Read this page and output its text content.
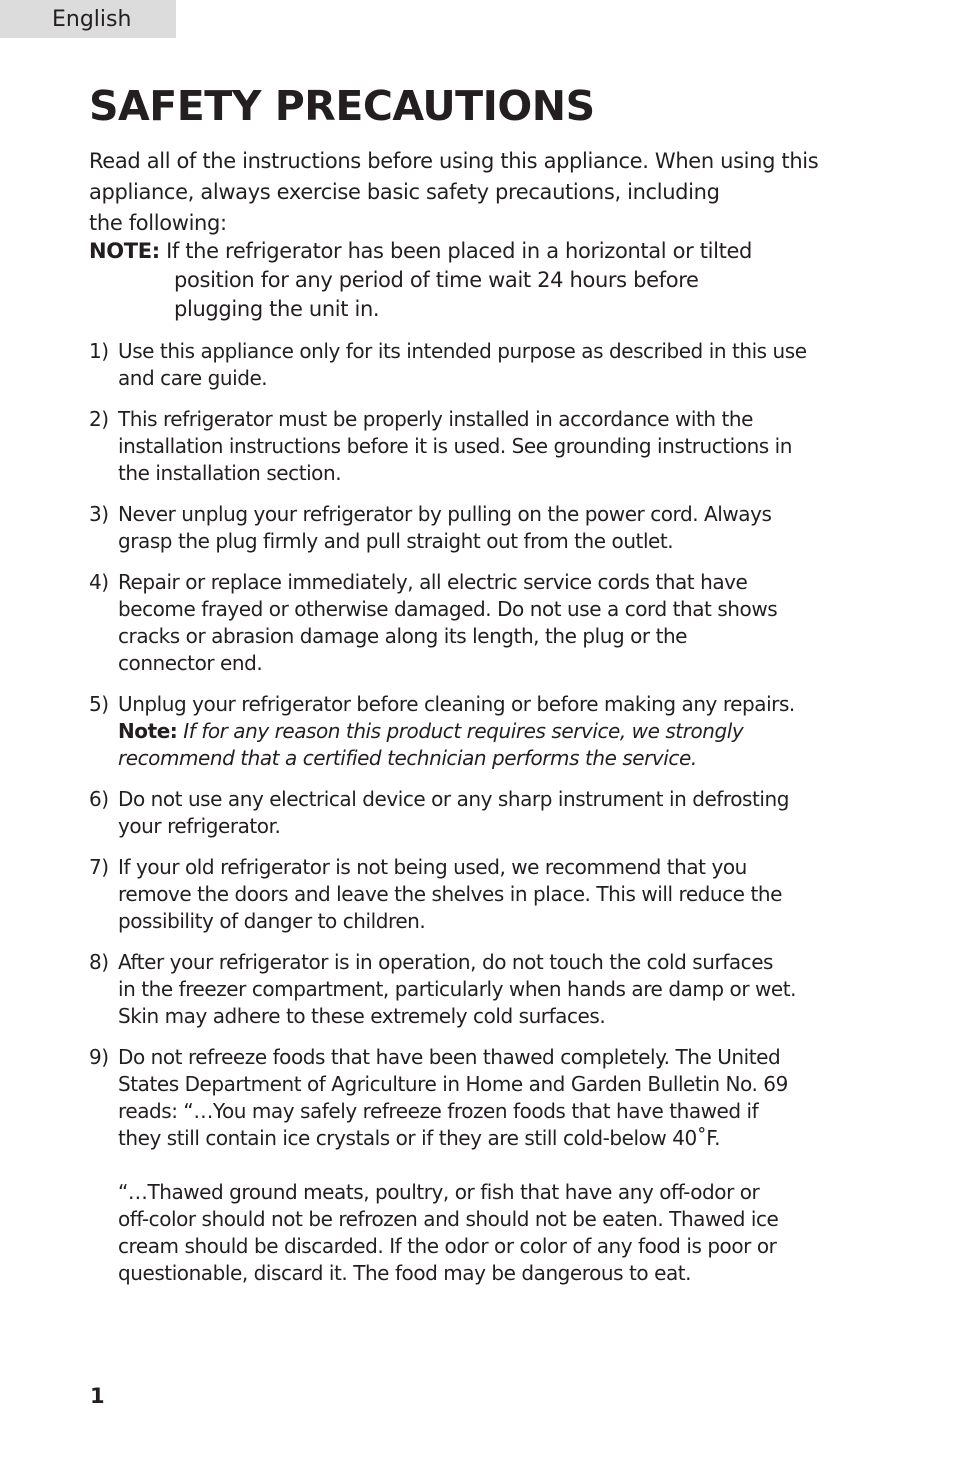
English
SAFETY PRECAUTIONS

Read all of the instructions before using this appliance. When using this
appliance, always exercise basic safety precautions, including
the following:

NOTE: If the refrigerator has been placed in a horizontal or tilted
position for any period of time wait 24 hours before
plugging the unit in.
1) Use this appliance only for its intended purpose as described in this use
and care guide.
2) This refrigerator must be properly installed in accordance with the
installation instructions before it is used. See grounding instructions in
the installation section.
3) Never unplug your refrigerator by pulling on the power cord. Always
grasp the plug firmly and pull straight out from the outlet.
4) Repair or replace immediately, all electric service cords that have
become frayed or otherwise damaged. Do not use a cord that shows
cracks or abrasion damage along its length, the plug or the
connector end.
5) Unplug your refrigerator before cleaning or before making any repairs.
Note: If for any reason this product requires service, we strongly
recommend that a certified technician performs the service.
6) Do not use any electrical device or any sharp instrument in defrosting
your refrigerator.
7) If your old refrigerator is not being used, we recommend that you
remove the doors and leave the shelves in place. This will reduce the
possibility of danger to children.
8) After your refrigerator is in operation, do not touch the cold surfaces
in the freezer compartment, particularly when hands are damp or wet.
Skin may adhere to these extremely cold surfaces.
9) Do not refreeze foods that have been thawed completely. The United
States Department of Agriculture in Home and Garden Bulletin No. 69
reads: “…You may safely refreeze frozen foods that have thawed if
they still contain ice crystals or if they are still cold-below 40˚F.
“…Thawed ground meats, poultry, or fish that have any off-odor or
off-color should not be refrozen and should not be eaten. Thawed ice
cream should be discarded. If the odor or color of any food is poor or
questionable, discard it. The food may be dangerous to eat.
1
